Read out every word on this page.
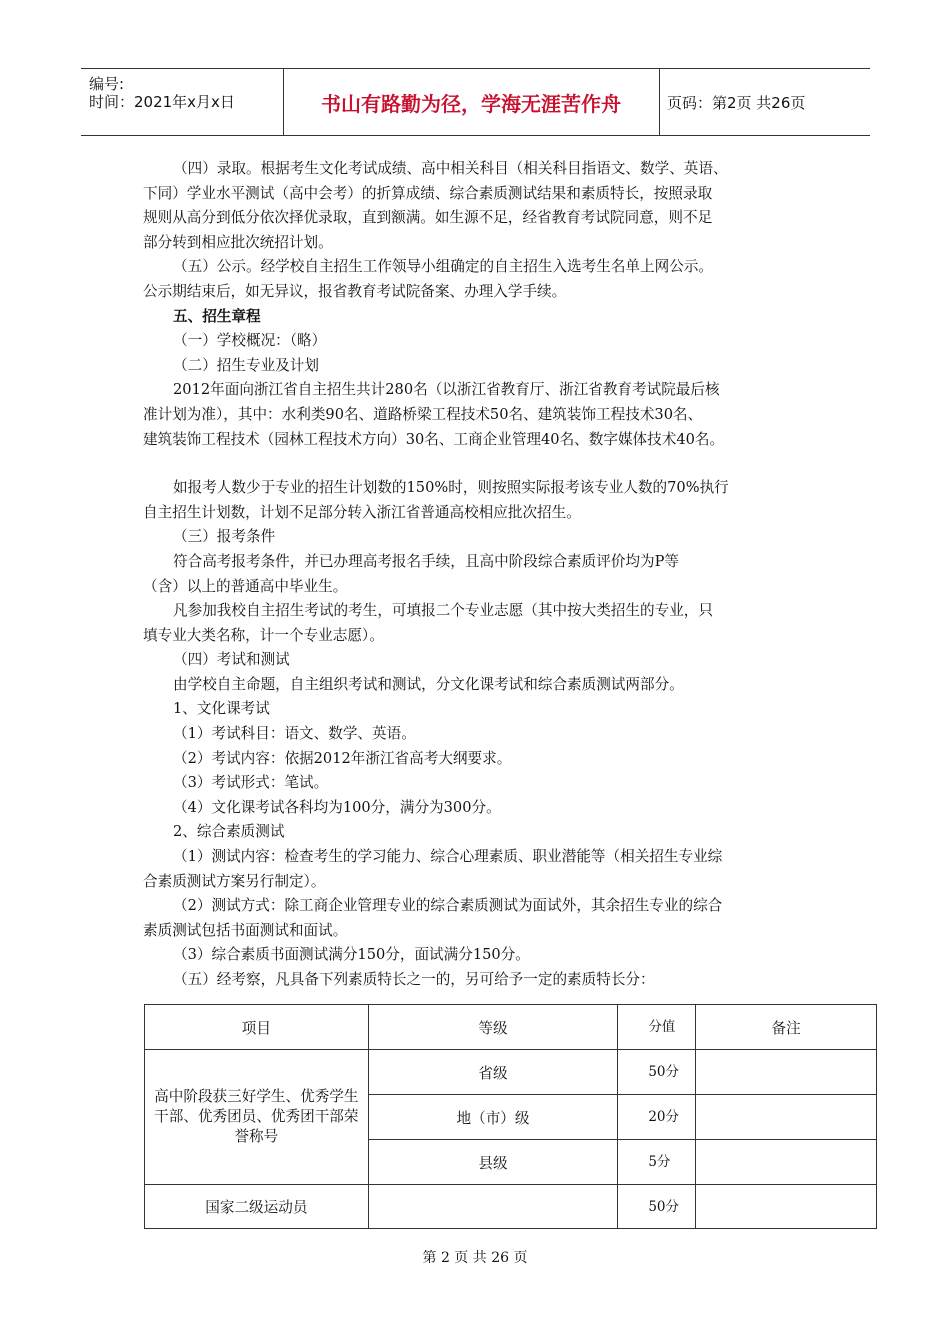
编号:
时间：2021年x月x日	书山有路勤为径，学海无涯苦作舟	页码：第2页 共26页

（四）录取。根据考生文化考试成绩、高中相关科目（相关科目指语文、数学、英语、

下同）学业水平测试（高中会考）的折算成绩、综合素质测试结果和素质特长，按照录取

规则从高分到低分依次择优录取，直到额满。如生源不足，经省教育考试院同意，则不足

部分转到相应批次统招计划。

（五）公示。经学校自主招生工作领导小组确定的自主招生入选考生名单上网公示。

公示期结束后，如无异议，报省教育考试院备案、办理入学手续。

五、招生章程

（一）学校概况：（略）

（二）招生专业及计划

2012年面向浙江省自主招生共计280名（以浙江省教育厅、浙江省教育考试院最后核

准计划为准），其中：水利类90名、道路桥梁工程技术50名、建筑装饰工程技术30名、

建筑装饰工程技术（园林工程技术方向）30名、工商企业管理40名、数字媒体技术40名。

如报考人数少于专业的招生计划数的150%时，则按照实际报考该专业人数的70%执行

自主招生计划数，计划不足部分转入浙江省普通高校相应批次招生。

（三）报考条件

符合高考报考条件，并已办理高考报名手续，且高中阶段综合素质评价均为P等

（含）以上的普通高中毕业生。

凡参加我校自主招生考试的考生，可填报二个专业志愿（其中按大类招生的专业，只

填专业大类名称，计一个专业志愿）。

（四）考试和测试

由学校自主命题，自主组织考试和测试，分文化课考试和综合素质测试两部分。

1、文化课考试

（1）考试科目：语文、数学、英语。

（2）考试内容：依据2012年浙江省高考大纲要求。

（3）考试形式：笔试。

（4）文化课考试各科均为100分，满分为300分。

2、综合素质测试

（1）测试内容：检查考生的学习能力、综合心理素质、职业潜能等（相关招生专业综

合素质测试方案另行制定）。

（2）测试方式：除工商企业管理专业的综合素质测试为面试外，其余招生专业的综合

素质测试包括书面测试和面试。

（3）综合素质书面测试满分150分，面试满分150分。

（五）经考察，凡具备下列素质特长之一的，另可给予一定的素质特长分：

项目	等级	分值	备注
高中阶段获三好学生、优秀学生干部、优秀团员、优秀团干部荣誉称号	省级	50分	
	地（市）级	20分	
	县级	5分	
国家二级运动员		50分	
第 2 页 共 26 页
